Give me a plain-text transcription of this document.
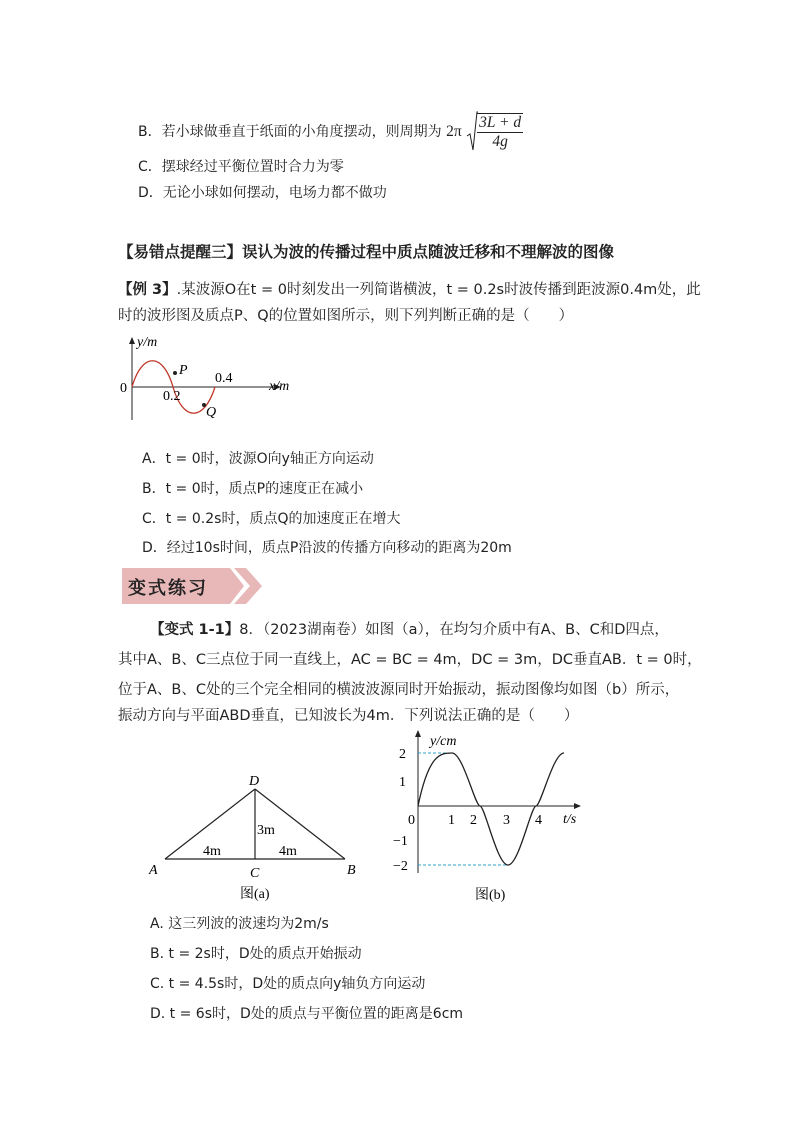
B．若小球做垂直于纸面的小角度摆动，则周期为 $2\pi \frac{3L + d}{4g}$
C．摆球经过平衡位置时合力为零
D．无论小球如何摆动，电场力都不做功
【易错点提醒三】误认为波的传播过程中质点随波迁移和不理解波的图像
【例 3】.某波源O在t = 0时刻发出一列简谐横波，t = 0.2s时波传播到距波源0.4m处，此
时的波形图及质点P、Q的位置如图所示，则下列判断正确的是（　　）
y/m
x/m
0
0.2
0.4
P
Q
A．t = 0时，波源O向y轴正方向运动
B．t = 0时，质点P的速度正在减小
C．t = 0.2s时，质点Q的加速度正在增大
D．经过10s时间，质点P沿波的传播方向移动的距离为20m
变式练习
【变式 1-1】8．（2023湖南卷）如图（a），在均匀介质中有A、B、C和D四点，
其中A、B、C三点位于同一直线上，AC = BC = 4m，DC = 3m，DC垂直AB．t = 0时，
位于A、B、C处的三个完全相同的横波波源同时开始振动，振动图像均如图（b）所示，
振动方向与平面ABD垂直，已知波长为4m．下列说法正确的是（　　）
D
A	B
C
3m
4m	4m
图(a)
y/cm
t/s
2
1
0
−1
−2
1 2 3 4
图(b)
A. 这三列波的波速均为2m/s
B. t = 2s时，D处的质点开始振动
C. t = 4.5s时，D处的质点向y轴负方向运动
D. t = 6s时，D处的质点与平衡位置的距离是6cm
